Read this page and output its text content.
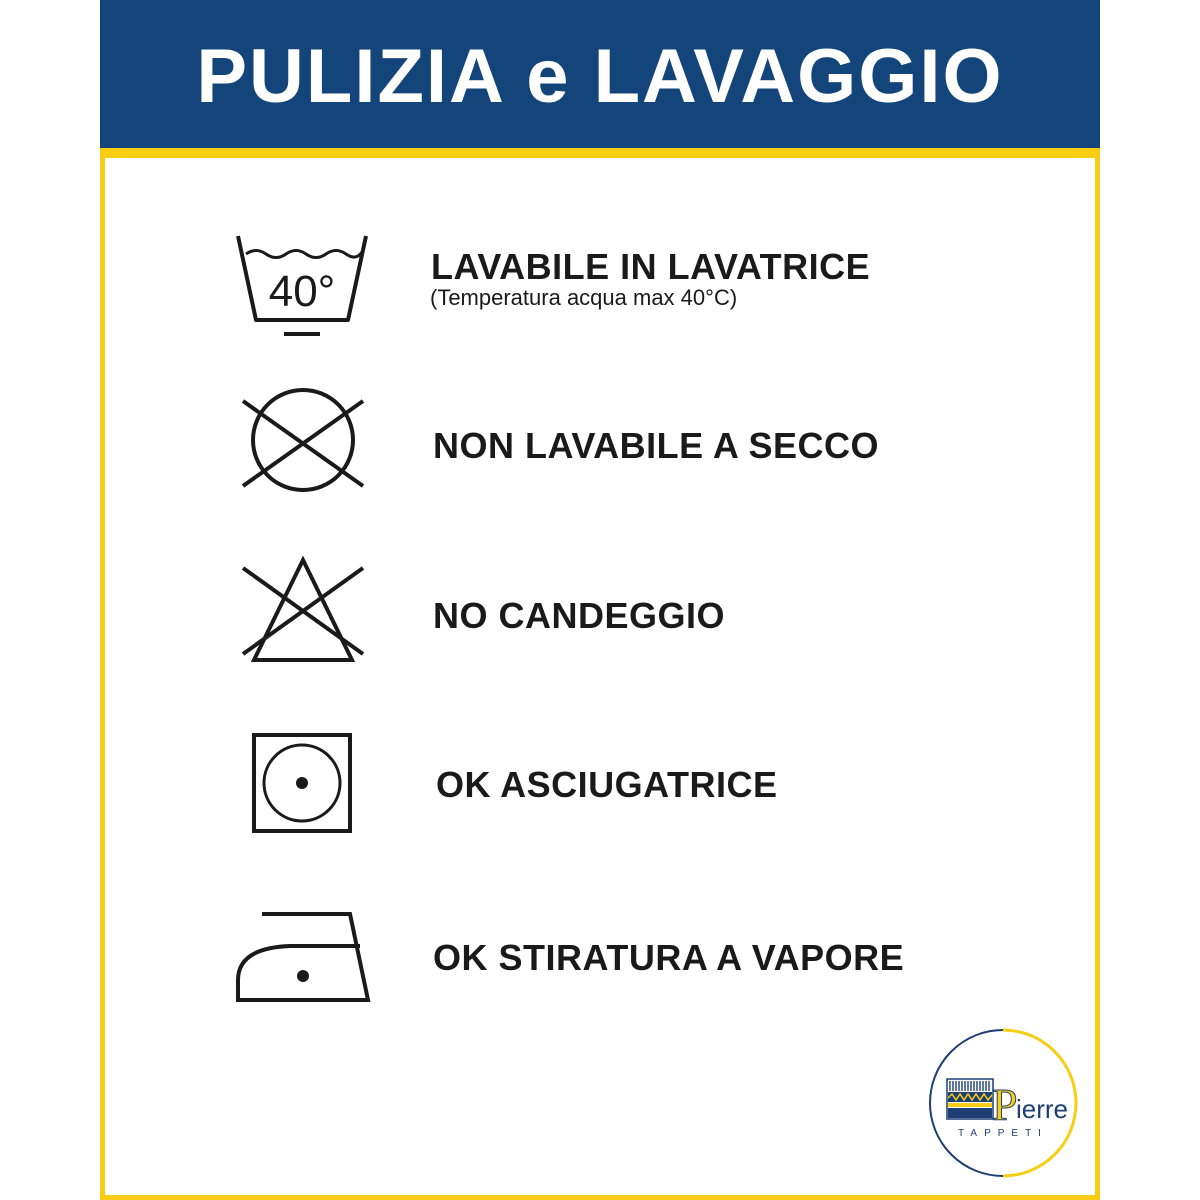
PULIZIA e LAVAGGIO
40°
LAVABILE IN LAVATRICE
(Temperatura acqua max 40°C)
NON LAVABILE A SECCO
NO CANDEGGIO
OK ASCIUGATRICE
OK STIRATURA A VAPORE
P
ierre
TAPPETI
